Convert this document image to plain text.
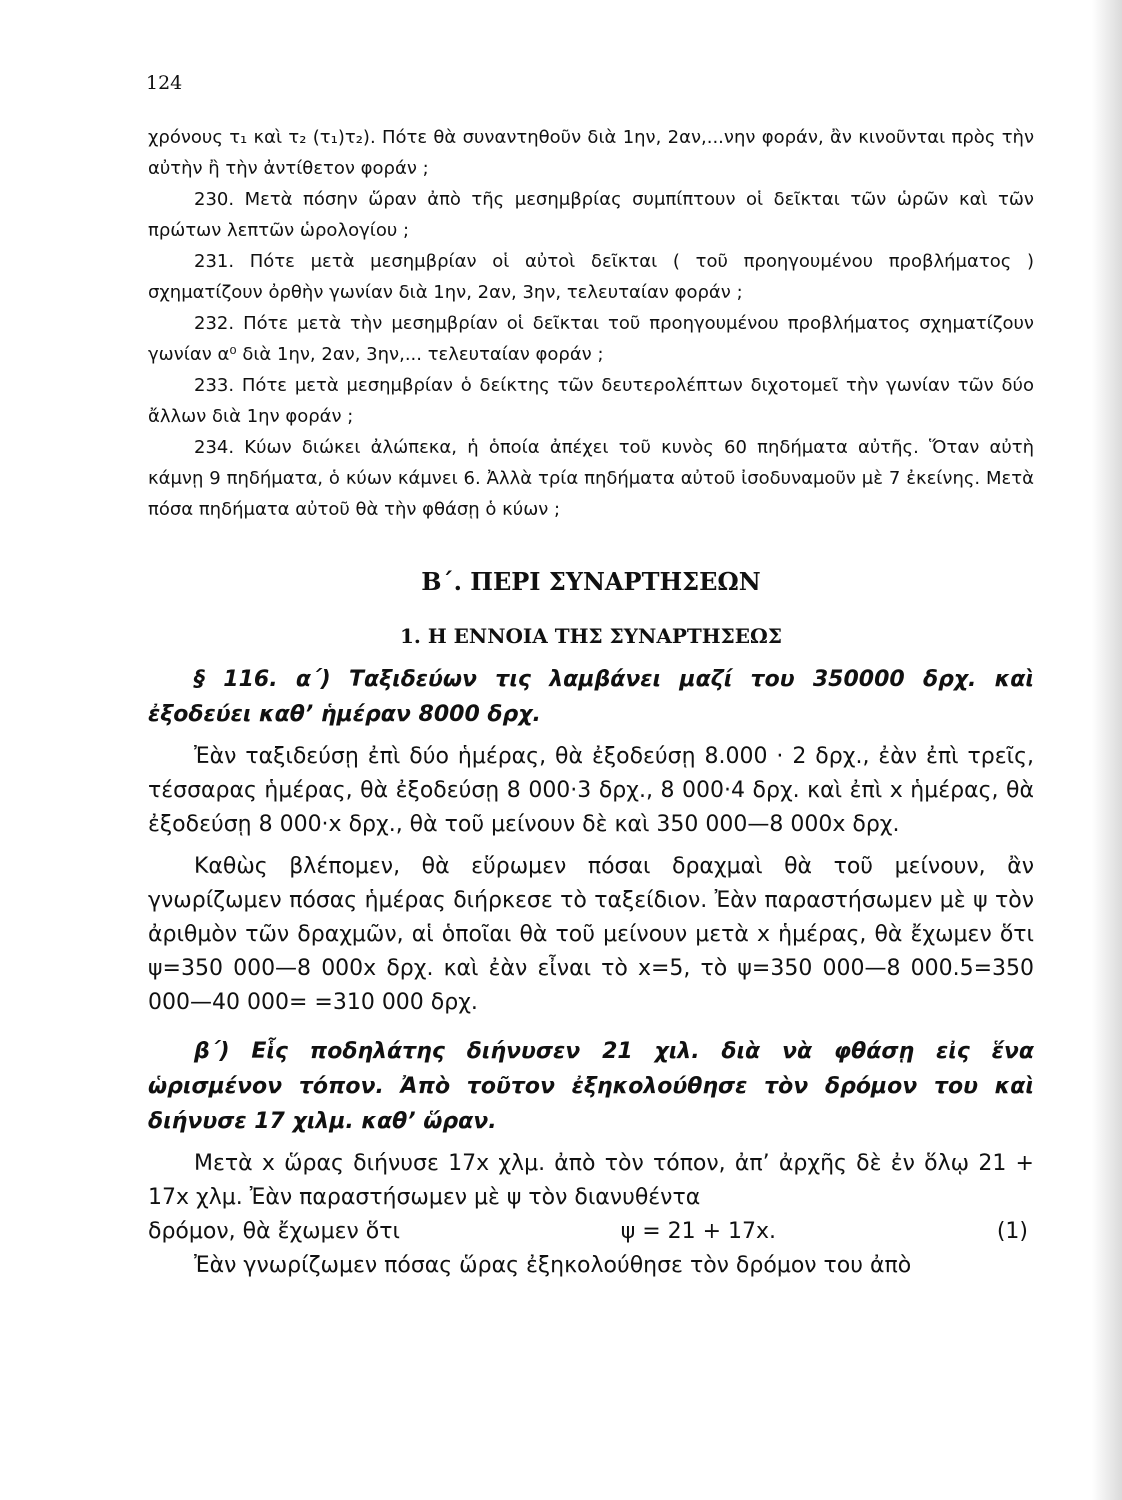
124

χρόνους τ₁ καὶ τ₂ (τ₁)τ₂). Πότε θὰ συναντηθοῦν διὰ 1ην, 2αν,...νην φοράν, ἂν κινοῦνται πρὸς τὴν αὐτὴν ἢ τὴν ἀντίθετον φοράν ;

230. Μετὰ πόσην ὥραν ἀπὸ τῆς μεσημβρίας συμπίπτουν οἱ δεῖκται τῶν ὡρῶν καὶ τῶν πρώτων λεπτῶν ὡρολογίου ;

231. Πότε μετὰ μεσημβρίαν οἱ αὐτοὶ δεῖκται ( τοῦ προηγουμένου προβλήματος ) σχηματίζουν ὀρθὴν γωνίαν διὰ 1ην, 2αν, 3ην, τελευταίαν φοράν ;

232. Πότε μετὰ τὴν μεσημβρίαν οἱ δεῖκται τοῦ προηγουμένου προβλήματος σχηματίζουν γωνίαν α⁰ διὰ 1ην, 2αν, 3ην,... τελευταίαν φοράν ;

233. Πότε μετὰ μεσημβρίαν ὁ δείκτης τῶν δευτερολέπτων διχοτομεῖ τὴν γωνίαν τῶν δύο ἄλλων διὰ 1ην φοράν ;

234. Κύων διώκει ἀλώπεκα, ἡ ὁποία ἀπέχει τοῦ κυνὸς 60 πηδήματα αὐτῆς. Ὅταν αὐτὴ κάμνῃ 9 πηδήματα, ὁ κύων κάμνει 6. Ἀλλὰ τρία πηδήματα αὐτοῦ ἰσοδυναμοῦν μὲ 7 ἐκείνης. Μετὰ πόσα πηδήματα αὐτοῦ θὰ τὴν φθάσῃ ὁ κύων ;

Β΄. ΠΕΡΙ ΣΥΝΑΡΤΗΣΕΩΝ
1. Η ΕΝΝΟΙΑ ΤΗΣ ΣΥΝΑΡΤΗΣΕΩΣ

§ 116. α΄) Ταξιδεύων τις λαμβάνει μαζί του 350000 δρχ. καὶ ἐξοδεύει καθ’ ἡμέραν 8000 δρχ.

Ἐὰν ταξιδεύσῃ ἐπὶ δύο ἡμέρας, θὰ ἐξοδεύσῃ 8.000 · 2 δρχ., ἐὰν ἐπὶ τρεῖς, τέσσαρας ἡμέρας, θὰ ἐξοδεύσῃ 8 000·3 δρχ., 8 000·4 δρχ. καὶ ἐπὶ x ἡμέρας, θὰ ἐξοδεύσῃ 8 000·x δρχ., θὰ τοῦ μείνουν δὲ καὶ 350 000—8 000x δρχ.

Καθὼς βλέπομεν, θὰ εὕρωμεν πόσαι δραχμαὶ θὰ τοῦ μείνουν, ἂν γνωρίζωμεν πόσας ἡμέρας διήρκεσε τὸ ταξείδιον. Ἐὰν παραστήσωμεν μὲ ψ τὸν ἀριθμὸν τῶν δραχμῶν, αἱ ὁποῖαι θὰ τοῦ μείνουν μετὰ x ἡμέρας, θὰ ἔχωμεν ὅτι ψ=350 000—8 000x δρχ. καὶ ἐὰν εἶναι τὸ x=5, τὸ ψ=350 000—8 000.5=350 000—40 000= =310 000 δρχ.

β΄) Εἷς ποδηλάτης διήνυσεν 21 χιλ. διὰ νὰ φθάσῃ εἰς ἕνα ὡρισμένον τόπον. Ἀπὸ τοῦτον ἐξηκολούθησε τὸν δρόμον του καὶ διήνυσε 17 χιλμ. καθ’ ὥραν.

Μετὰ x ὥρας διήνυσε 17x χλμ. ἀπὸ τὸν τόπον, ἀπ’ ἀρχῆς δὲ ἐν ὅλῳ 21 + 17x χλμ. Ἐὰν παραστήσωμεν μὲ ψ τὸν διανυθέντα

δρόμον, θὰ ἔχωμεν ὅτι	ψ = 21 + 17x.	(1)

Ἐὰν γνωρίζωμεν πόσας ὥρας ἐξηκολούθησε τὸν δρόμον του ἀπὸ
